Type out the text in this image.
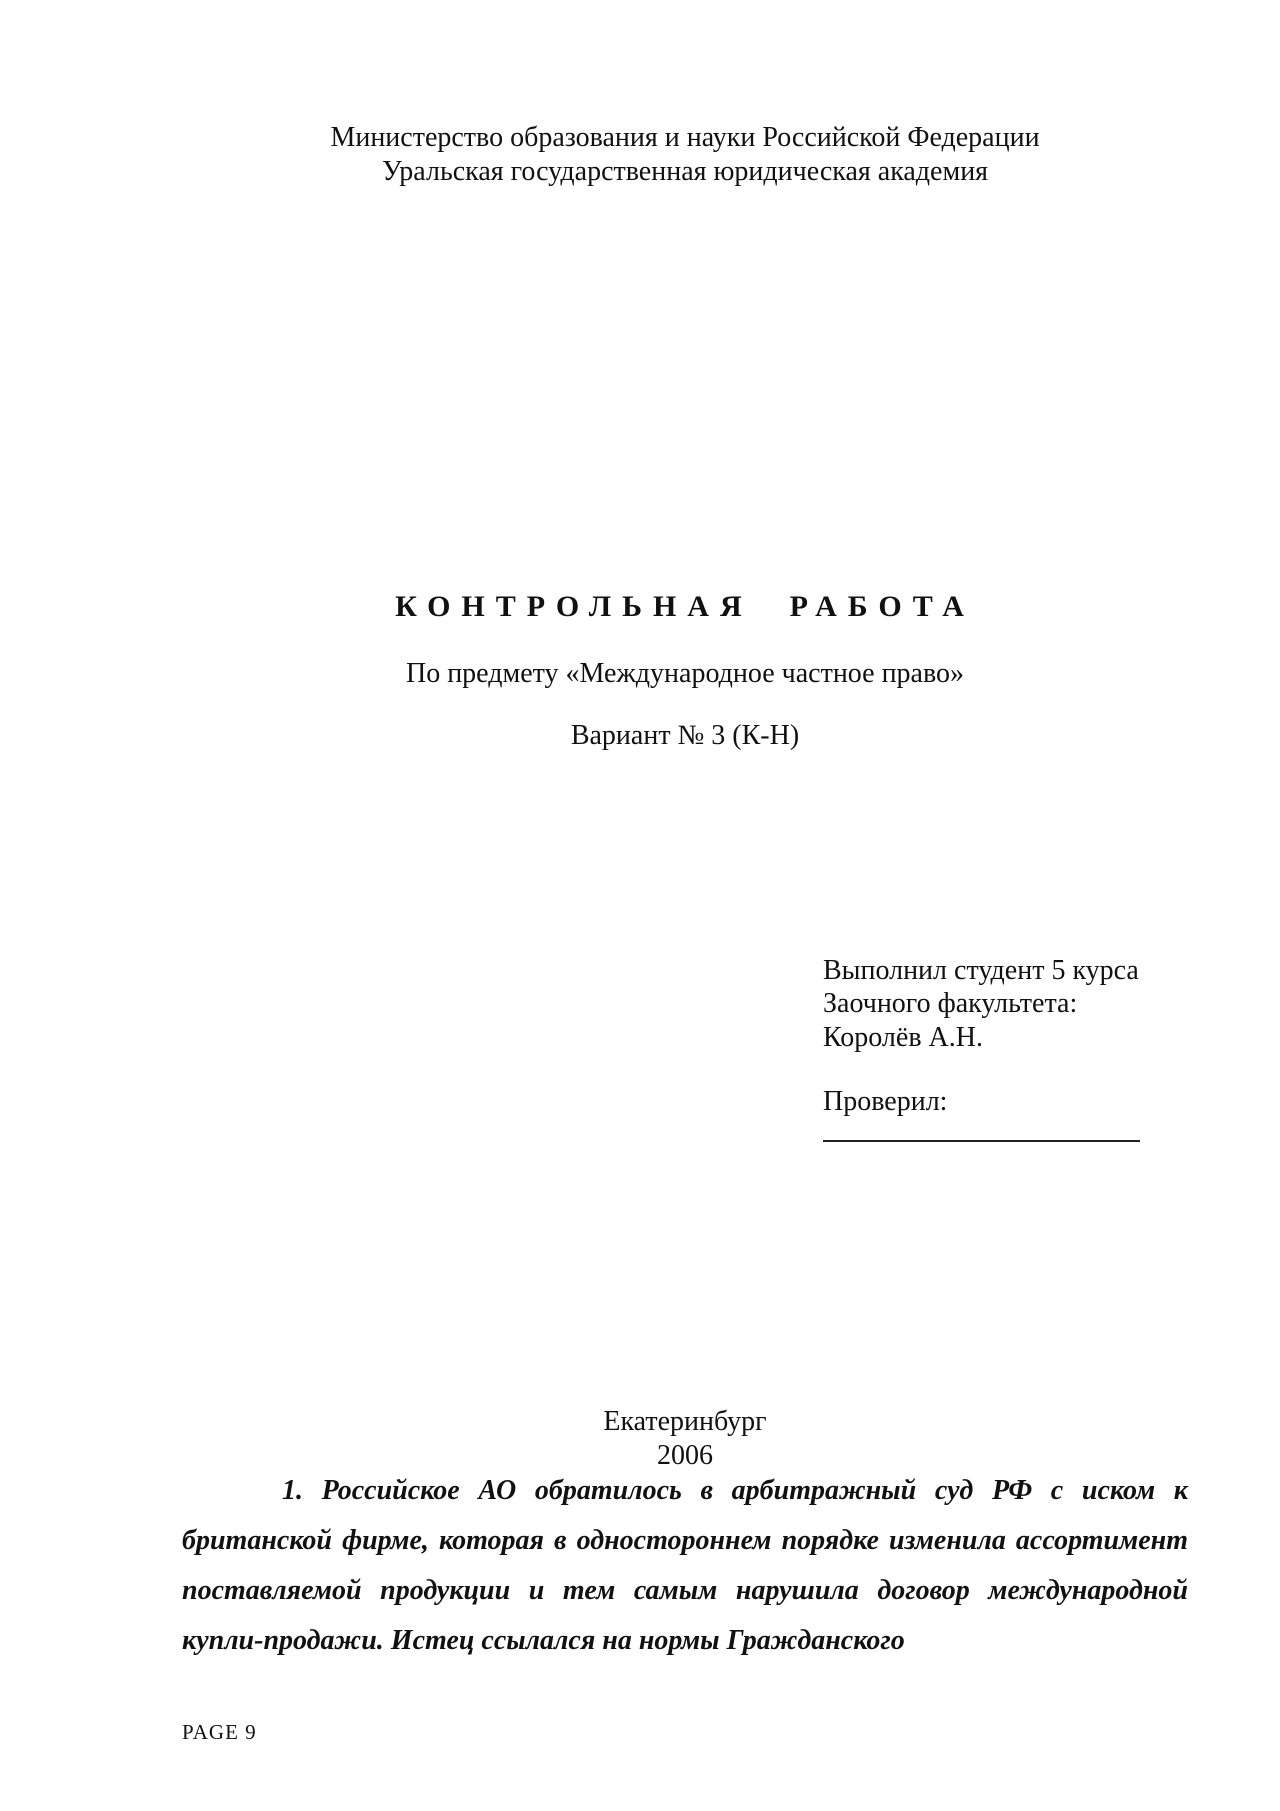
Министерство образования и науки Российской Федерации
Уральская государственная юридическая академия
КОНТРОЛЬНАЯ  РАБОТА
По предмету «Международное частное право»
Вариант № 3 (К-Н)
Выполнил студент 5 курса
Заочного факультета:
Королёв А.Н.
Проверил:
Екатеринбург
2006
1. Российское АО обратилось в арбитражный суд РФ с иском к британской фирме, которая в одностороннем порядке изменила ассортимент поставляемой продукции и тем самым нарушила договор международной купли-продажи. Истец ссылался на нормы Гражданского
PAGE 9
